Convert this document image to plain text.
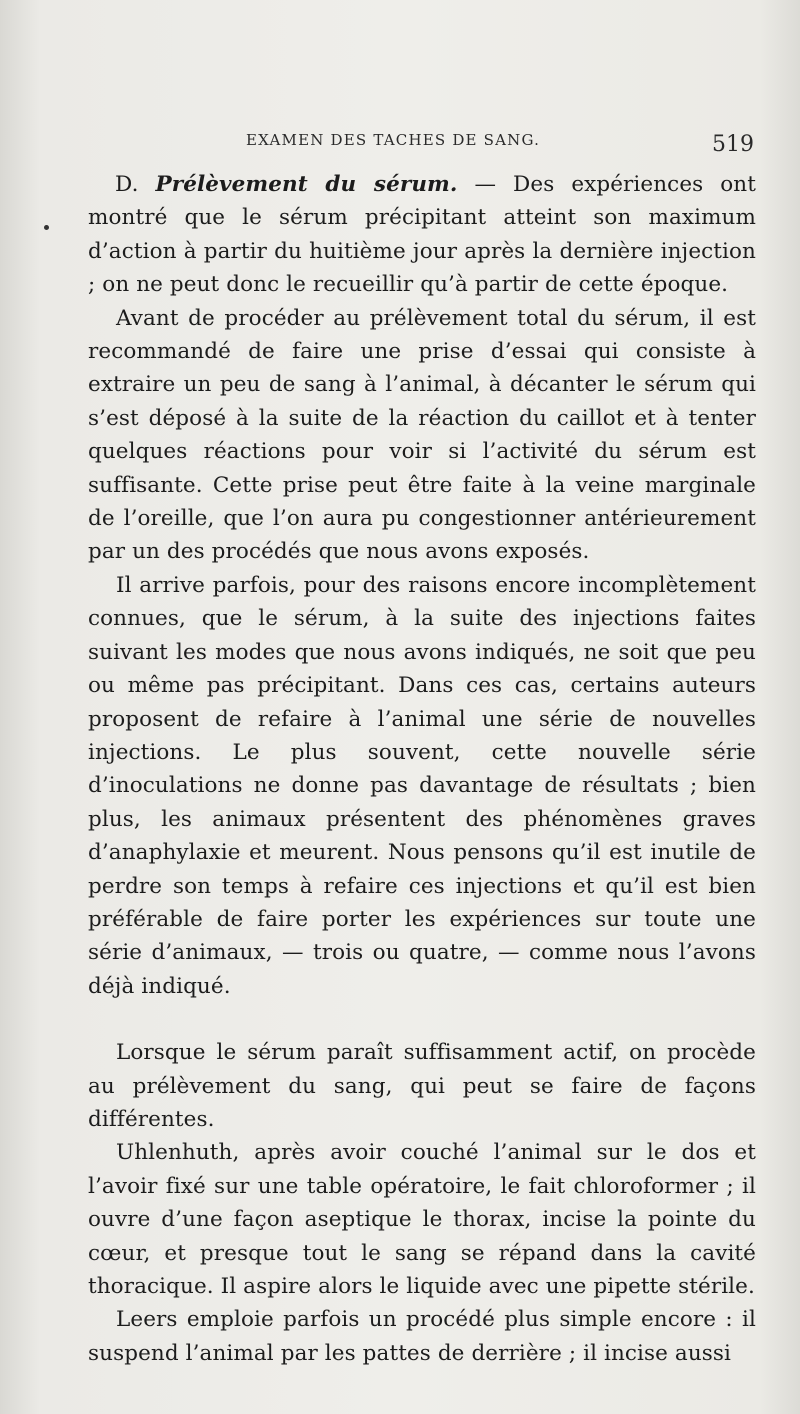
EXAMEN DES TACHES DE SANG.	519

D. Prélèvement du sérum. — Des expériences ont montré que le sérum précipitant atteint son maximum d’action à partir du huitième jour après la dernière injection ; on ne peut donc le recueillir qu’à partir de cette époque.

Avant de procéder au prélèvement total du sérum, il est recommandé de faire une prise d’essai qui consiste à extraire un peu de sang à l’animal, à décanter le sérum qui s’est déposé à la suite de la réaction du caillot et à tenter quelques réactions pour voir si l’activité du sérum est suffisante. Cette prise peut être faite à la veine marginale de l’oreille, que l’on aura pu congestionner antérieurement par un des procédés que nous avons exposés.

Il arrive parfois, pour des raisons encore incomplètement connues, que le sérum, à la suite des injections faites suivant les modes que nous avons indiqués, ne soit que peu ou même pas précipitant. Dans ces cas, certains auteurs proposent de refaire à l’animal une série de nouvelles injections. Le plus souvent, cette nouvelle série d’inoculations ne donne pas davantage de résultats ; bien plus, les animaux présentent des phénomènes graves d’anaphylaxie et meurent. Nous pensons qu’il est inutile de perdre son temps à refaire ces injections et qu’il est bien préférable de faire porter les expériences sur toute une série d’animaux, — trois ou quatre, — comme nous l’avons déjà indiqué.

Lorsque le sérum paraît suffisamment actif, on procède au prélèvement du sang, qui peut se faire de façons différentes.

Uhlenhuth, après avoir couché l’animal sur le dos et l’avoir fixé sur une table opératoire, le fait chloroformer ; il ouvre d’une façon aseptique le thorax, incise la pointe du cœur, et presque tout le sang se répand dans la cavité thoracique. Il aspire alors le liquide avec une pipette stérile.

Leers emploie parfois un procédé plus simple encore : il suspend l’animal par les pattes de derrière ; il incise aussi
